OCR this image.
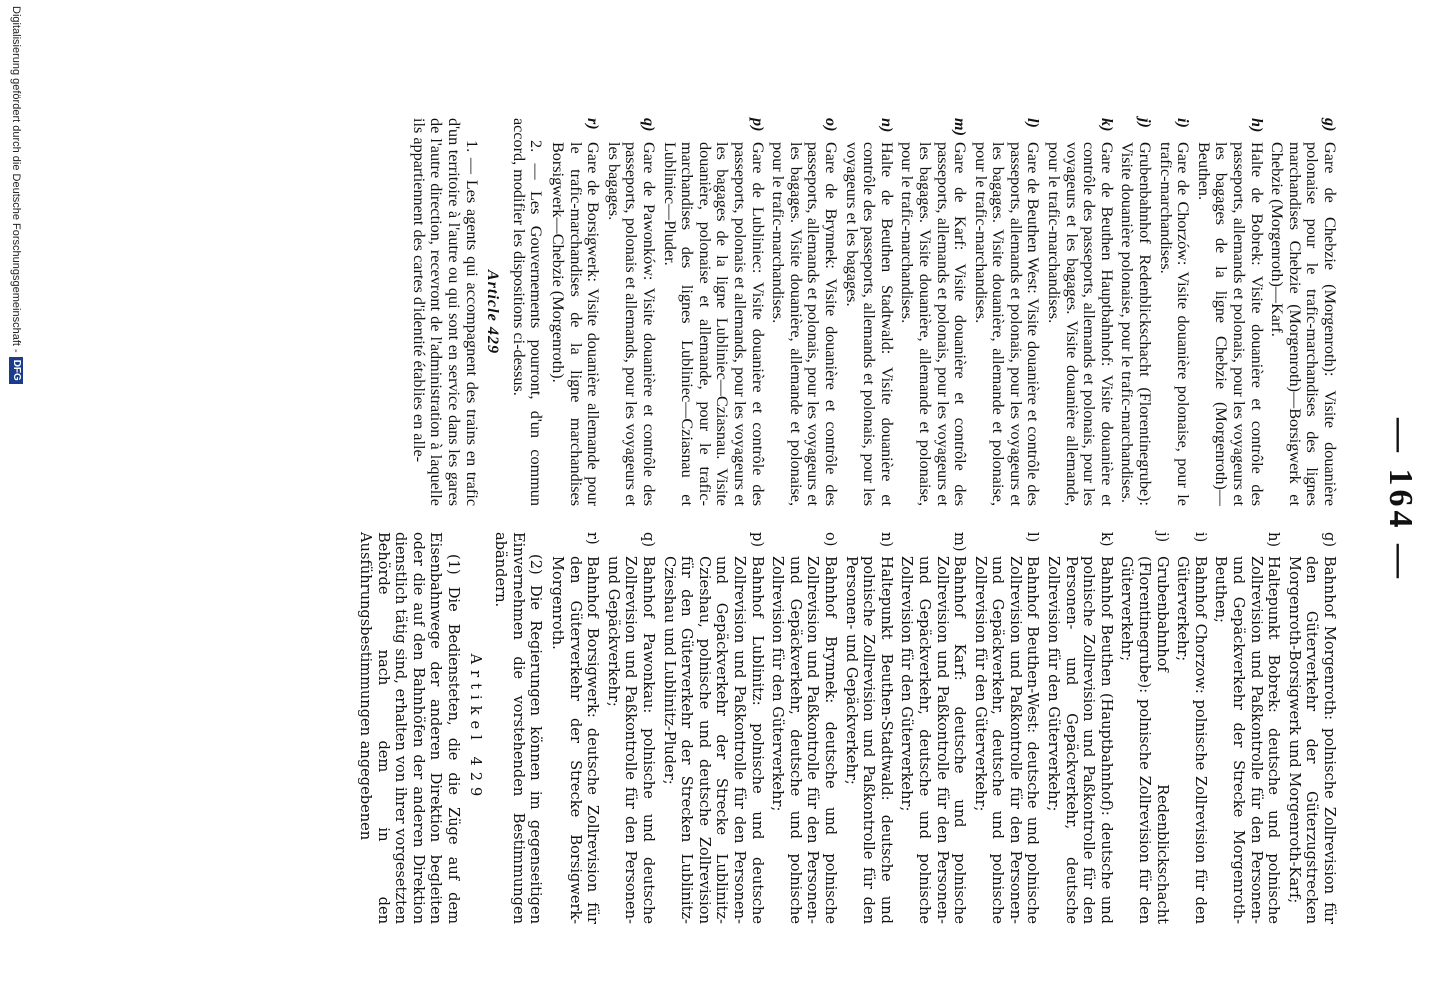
— 164 —
g)
Gare de Chebzie (Morgenroth): Visite douanière polonaise pour le trafic-marchandises des lignes marchandises Chebzie (Morgenroth)—Borsigwerk et Chebzie (Morgenroth)—Karf.
h)
Halte de Bobrek: Visite douanière et contrôle des passeports, allemands et polonais, pour les voyageurs et les bagages de la ligne Chebzie (Morgenroth)—Beuthen.
i)
Gare de Chorzów: Visite douanière polonaise, pour le trafic-marchandises.
j)
Grubenbahnhof Redenblickschacht (Florentinegrube): Visite douanière polonaise, pour le trafic-marchandises.
k)
Gare de Beuthen Hauptbahnhof: Visite douanière et contrôle des passeports, allemands et polonais, pour les voyageurs et les bagages. Visite douanière allemande, pour le trafic-marchandises.
l)
Gare de Beuthen West: Visite douanière et contrôle des passeports, allemands et polonais, pour les voyageurs et les bagages. Visite douanière, allemande et polonaise, pour le trafic-marchandises.
m)
Gare de Karf: Visite douanière et contrôle des passeports, allemands et polonais, pour les voyageurs et les bagages. Visite douanière, allemande et polonaise, pour le trafic-marchandises.
n)
Halte de Beuthen Stadtwald: Visite douanière et contrôle des passeports, allemands et polonais, pour les voyageurs et les bagages.
o)
Gare de Brynnek: Visite douanière et contrôle des passeports, allemands et polonais, pour les voyageurs et les bagages. Visite douanière, allemande et polonaise, pour le trafic-marchandises.
p)
Gare de Lubliniec: Visite douanière et contrôle des passeports, polonais et allemands, pour les voyageurs et les bagages de la ligne Lubliniec—Cziasnau. Visite douanière, polonaise et allemande, pour le trafic-marchandises des lignes Lubliniec—Cziasnau et Lubliniec—Pluder.
q)
Gare de Pawonków: Visite douanière et contrôle des passeports, polonais et allemands, pour les voyageurs et les bagages.
r)
Gare de Borsigwerk: Visite douanière allemande pour le trafic-marchandises de la ligne marchandises Borsigwerk—Chebzie (Morgenroth).

2. — Les Gouvernements pourront, d'un commun accord, modifier les dispositions ci-dessus.

Article 429

1. — Les agents qui accompagnent des trains en trafic d'un territoire à l'autre ou qui sont en service dans les gares de l'autre direction, recevront de l'administration à laquelle ils appartiennent des cartes d'identité établies en alle-

g)
Bahnhof Morgenroth: polnische Zollrevision für den Güterverkehr der Güterzugstrecken Morgenroth-Borsigwerk und Morgenroth-Karf;
h)
Haltepunkt Bobrek: deutsche und polnische Zollrevision und Paßkontrolle für den Personen- und Gepäckverkehr der Strecke Morgenroth-Beuthen;
i)
Bahnhof Chorzow: polnische Zollrevision für den Güterverkehr;
j)
Grubenbahnhof Redenblickschacht (Florentinegrube): polnische Zollrevision für den Güterverkehr;
k)
Bahnhof Beuthen (Hauptbahnhof): deutsche und polnische Zollrevision und Paßkontrolle für den Personen- und Gepäckverkehr, deutsche Zollrevision für den Güterverkehr;
l)
Bahnhof Beuthen-West: deutsche und polnische Zollrevision und Paßkontrolle für den Personen- und Gepäckverkehr, deutsche und polnische Zollrevision für den Güterverkehr;
m)
Bahnhof Karf: deutsche und polnische Zollrevision und Paßkontrolle für den Personen- und Gepäckverkehr, deutsche und polnische Zollrevision für den Güterverkehr;
n)
Haltepunkt Beuthen-Stadtwald: deutsche und polnische Zollrevision und Paßkontrolle für den Personen- und Gepäckverkehr;
o)
Bahnhof Brynnek: deutsche und polnische Zollrevision und Paßkontrolle für den Personen- und Gepäckverkehr, deutsche und polnische Zollrevision für den Güterverkehr;
p)
Bahnhof Lublinitz: polnische und deutsche Zollrevision und Paßkontrolle für den Personen- und Gepäckverkehr der Strecke Lublinitz-Czieshau, polnische und deutsche Zollrevision für den Güterverkehr der Strecken Lublinitz-Czieshau und Lublinitz-Pluder;
q)
Bahnhof Pawonkau: polnische und deutsche Zollrevision und Paßkontrolle für den Personen- und Gepäckverkehr;
r)
Bahnhof Borsigwerk: deutsche Zollrevision für den Güterverkehr der Strecke Borsigwerk-Morgenroth.

(2) Die Regierungen können im gegenseitigen Einvernehmen die vorstehenden Bestimmungen abändern.

Artikel 429

(1) Die Bediensteten, die die Züge auf dem Eisenbahnwege der anderen Direktion begleiten oder die auf den Bahnhöfen der anderen Direktion dienstlich tätig sind, erhalten von ihrer vorgesetzten Behörde nach dem in den Ausführungsbestimmungen angegebenen

Digitalisierung gefördert durch die Deutsche Forschungsgemeinschaft -
DFG
